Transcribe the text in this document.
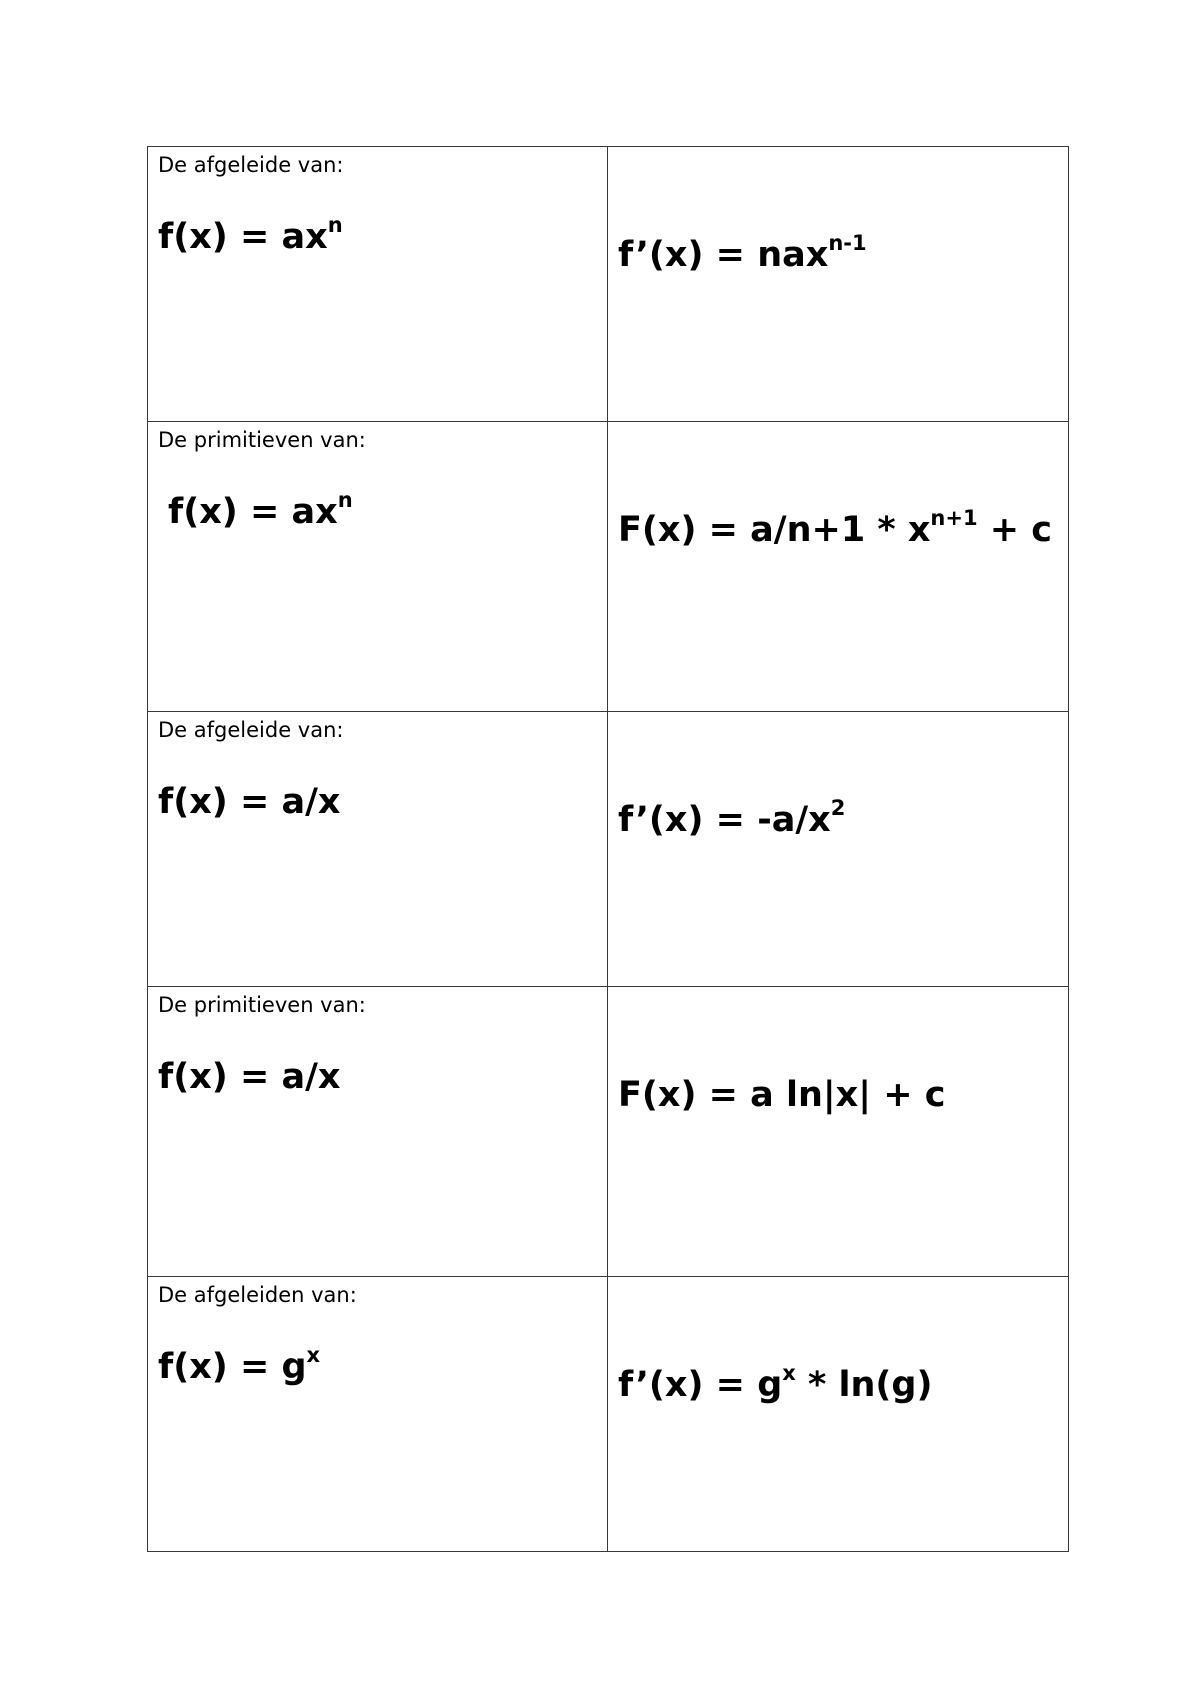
De afgeleide van:
$f(x) = ax^n$	f’(x) = nax$^{n-1}$

De primitieven van:
$f(x) = ax^n$	$F(x) = a/n+1 * x^{n+1} + c$

De afgeleide van:
f(x) = a/x	f’(x) = $-a/x^2$

De primitieven van:
f(x) = a/x	F(x) = a ln|x| + c

De afgeleiden van:
$f(x) = g^x$	f’(x) = $g^x * \ln(g)$
